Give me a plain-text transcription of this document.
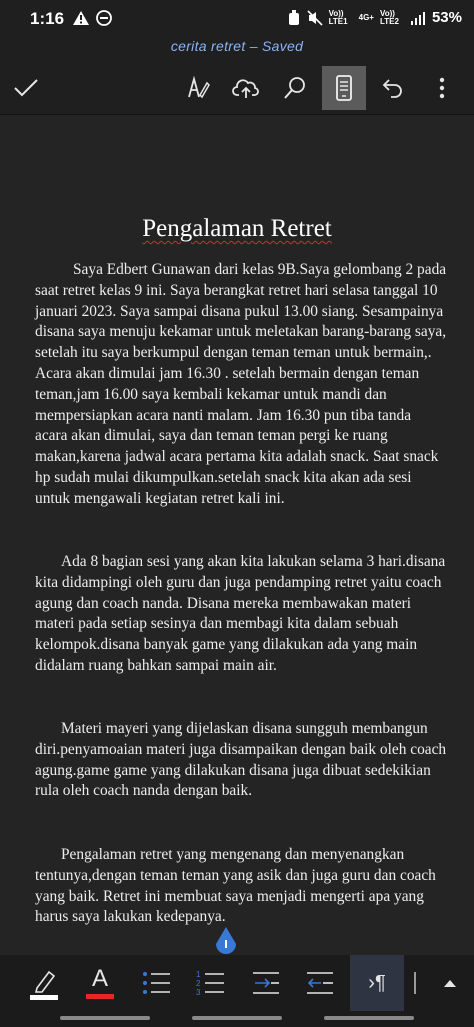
1:16	Vo)) LTE1	4G+ Vo)) LTE2	53%
cerita retret – Saved
Pengalaman Retret

Saya Edbert Gunawan dari kelas 9B.Saya gelombang 2 pada saat retret kelas 9 ini. Saya berangkat retret hari selasa tanggal 10 januari 2023. Saya sampai disana pukul 13.00 siang. Sesampainya disana saya menuju kekamar untuk meletakan barang-barang saya, setelah itu saya berkumpul dengan teman teman untuk bermain,. Acara akan dimulai jam 16.30 . setelah bermain dengan teman teman,jam 16.00 saya kembali kekamar untuk mandi dan mempersiapkan acara nanti malam. Jam 16.30 pun tiba tanda acara akan dimulai, saya dan teman teman pergi ke ruang makan,karena jadwal acara pertama kita adalah snack. Saat snack hp sudah mulai dikumpulkan.setelah snack kita akan ada sesi untuk mengawali kegiatan retret kali ini.

Ada 8 bagian sesi yang akan kita lakukan selama 3 hari.disana kita didampingi oleh guru dan juga pendamping retret yaitu coach agung dan coach nanda. Disana mereka membawakan materi materi pada setiap sesinya dan membagi kita dalam sebuah kelompok.disana banyak game yang dilakukan ada yang main didalam ruang bahkan sampai main air.

Materi mayeri yang dijelaskan disana sungguh membangun diri.penyamoaian materi juga disampaikan dengan baik oleh coach agung.game game yang dilakukan disana juga dibuat sedekikian rula oleh coach nanda dengan baik.

Pengalaman retret yang mengenang dan menyenangkan tentunya,dengan teman teman yang asik dan juga guru dan coach yang baik. Retret ini membuat saya menjadi mengerti apa yang harus saya lakukan kedepanya.

A	1
2
3	›¶
